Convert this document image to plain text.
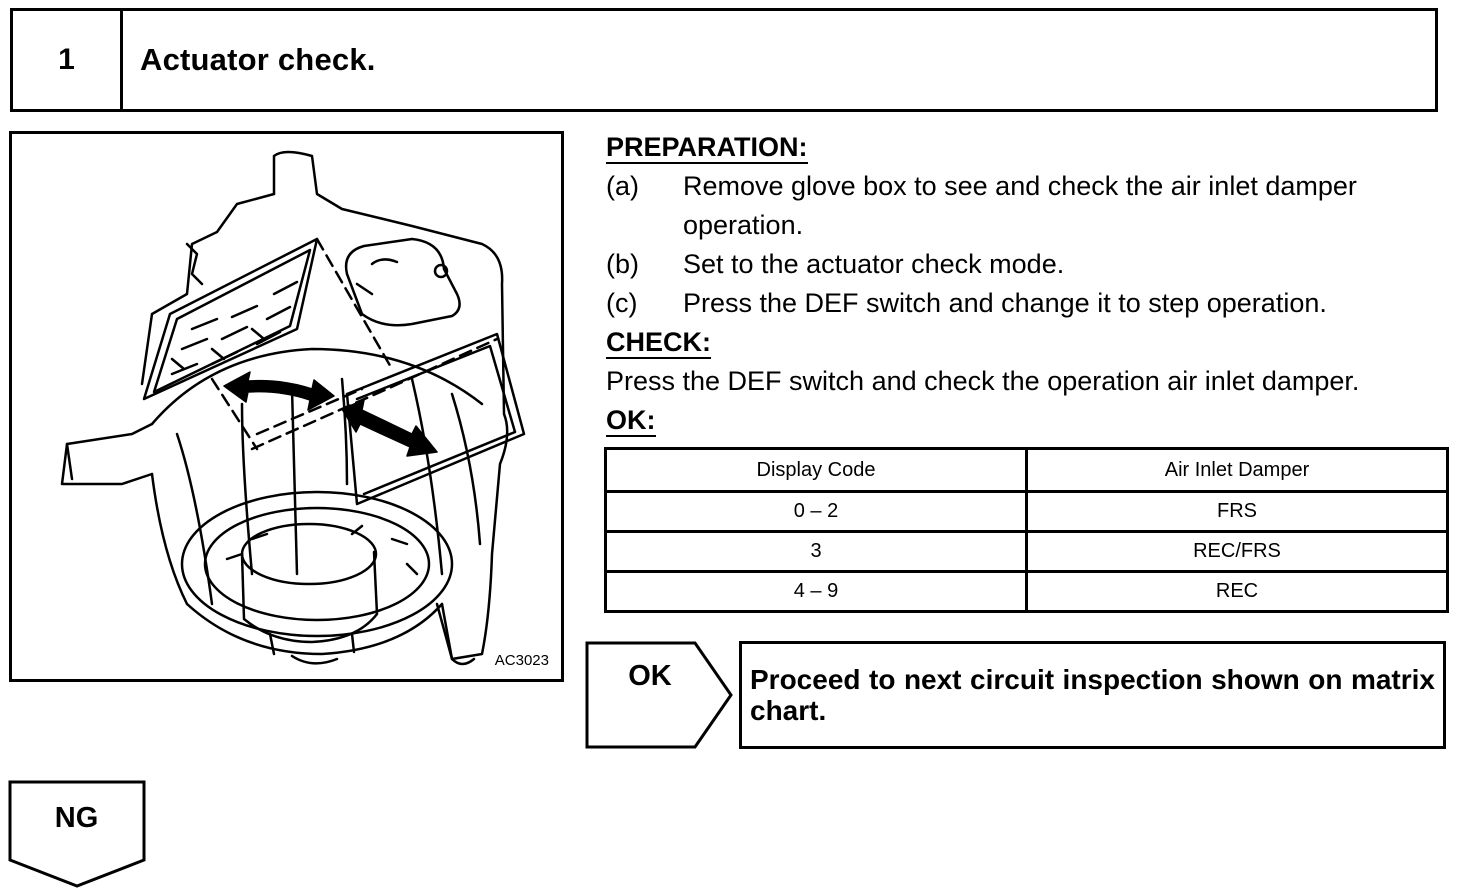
1	Actuator check.
AC3023
PREPARATION:
(a) Remove glove box to see and check the air inlet damper
operation.
(b) Set to the actuator check mode.
(c) Press the DEF switch and change it to step operation.
CHECK:
Press the DEF switch and check the operation air inlet damper.
OK:
Display Code	Air Inlet Damper
0 – 2	FRS
3	REC/FRS
4 – 9	REC
OK	Proceed to next circuit inspection shown on matrix chart.
NG
